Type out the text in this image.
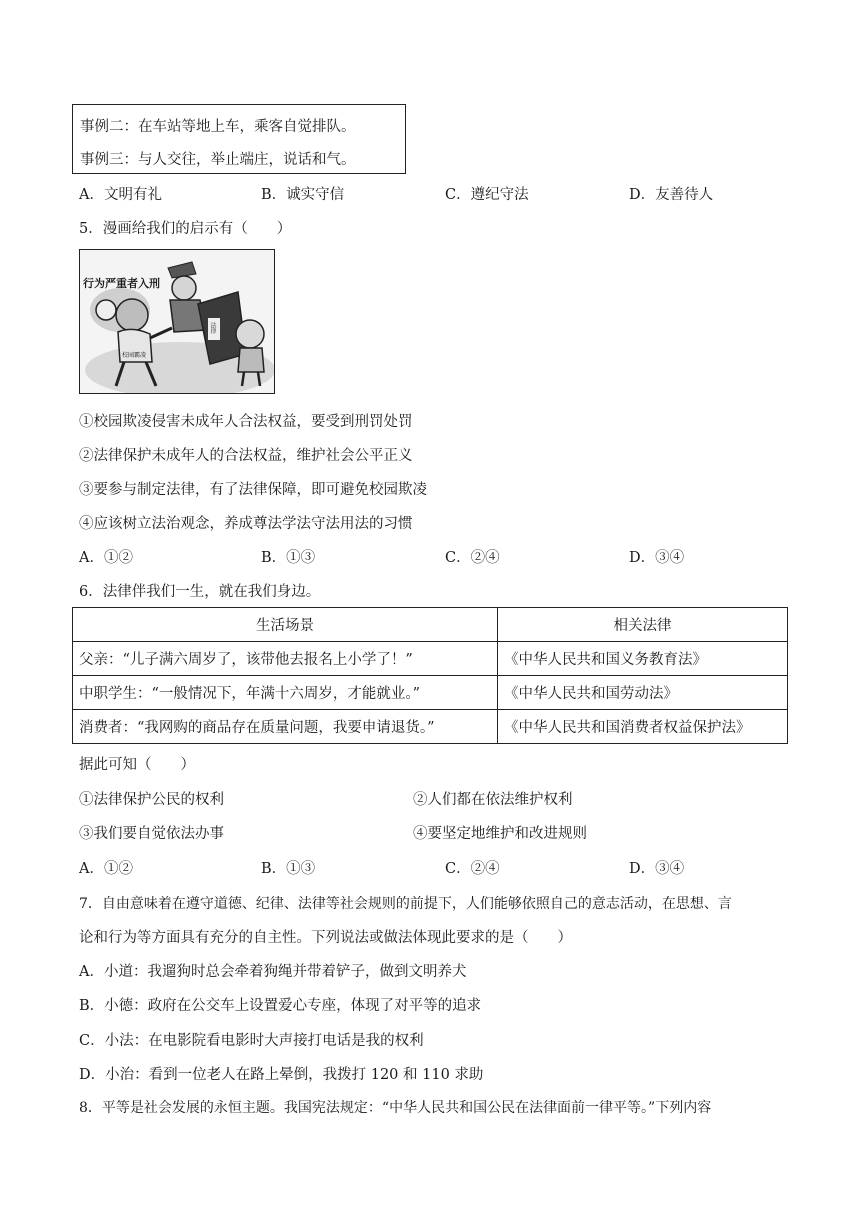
事例二：在车站等地上车，乘客自觉排队。
事例三：与人交往，举止端庄，说话和气。
A．文明有礼	B．诚实守信	C．遵纪守法	D．友善待人
5．漫画给我们的启示有（　　）
行为严重者入刑
校园霸凌
法律
①校园欺凌侵害未成年人合法权益，要受到刑罚处罚
②法律保护未成年人的合法权益，维护社会公平正义
③要参与制定法律，有了法律保障，即可避免校园欺凌
④应该树立法治观念，养成尊法学法守法用法的习惯
A．①②	B．①③	C．②④	D．③④
6．法律伴我们一生，就在我们身边。
生活场景	相关法律
父亲：“儿子满六周岁了，该带他去报名上小学了！”	《中华人民共和国义务教育法》
中职学生：“一般情况下，年满十六周岁，才能就业。”	《中华人民共和国劳动法》
消费者：“我网购的商品存在质量问题，我要申请退货。”	《中华人民共和国消费者权益保护法》
据此可知（　　）
①法律保护公民的权利	②人们都在依法维护权利
③我们要自觉依法办事	④要坚定地维护和改进规则
A．①②	B．①③	C．②④	D．③④
7．自由意味着在遵守道德、纪律、法律等社会规则的前提下，人们能够依照自己的意志活动，在思想、言
论和行为等方面具有充分的自主性。下列说法或做法体现此要求的是（　　）
A．小道：我遛狗时总会牵着狗绳并带着铲子，做到文明养犬
B．小德：政府在公交车上设置爱心专座，体现了对平等的追求
C．小法：在电影院看电影时大声接打电话是我的权利
D．小治：看到一位老人在路上晕倒，我拨打 120 和 110 求助
8．平等是社会发展的永恒主题。我国宪法规定：“中华人民共和国公民在法律面前一律平等。”下列内容
